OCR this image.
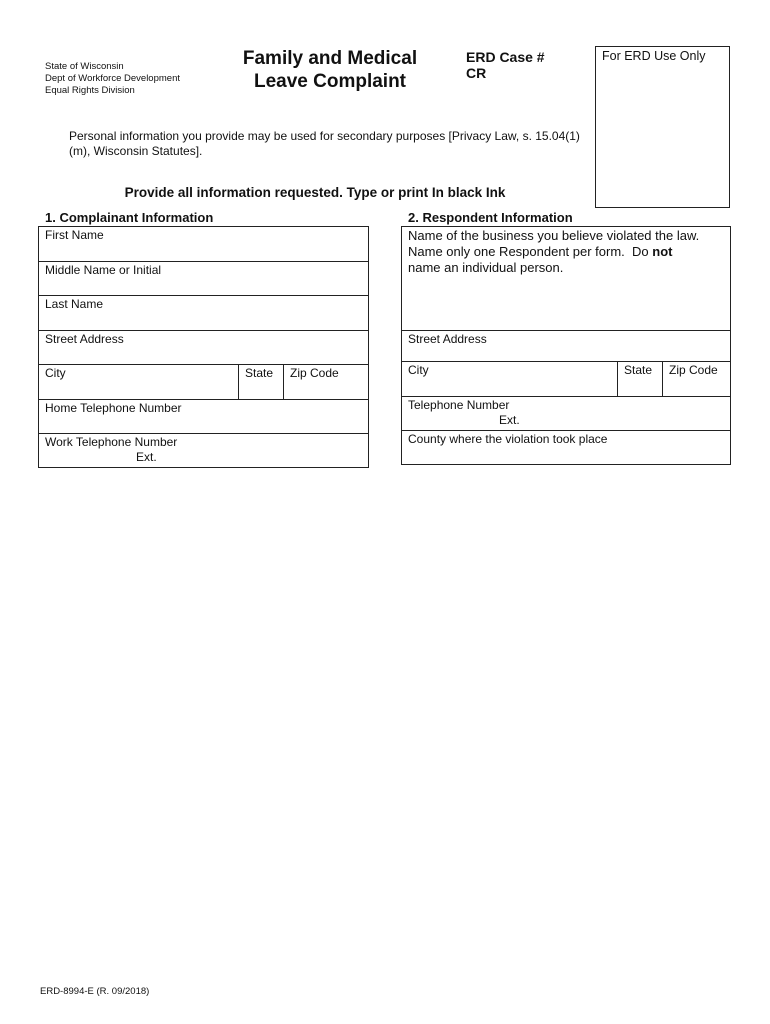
State of Wisconsin
Dept of Workforce Development
Equal Rights Division
Family and Medical
Leave Complaint
ERD Case #
CR
For ERD Use Only
Personal information you provide may be used for secondary purposes [Privacy Law, s. 15.04(1)(m), Wisconsin Statutes].
Provide all information requested. Type or print In black Ink
1. Complainant Information
First Name
Middle Name or Initial
Last Name
Street Address
City	State	Zip Code
Home Telephone Number
Work Telephone Number
Ext.
2. Respondent Information
Name of the business you believe violated the law.
Name only one Respondent per form.  Do not
name an individual person.
Street Address
City	State	Zip Code
Telephone Number
Ext.
County where the violation took place
ERD-8994-E (R. 09/2018)
